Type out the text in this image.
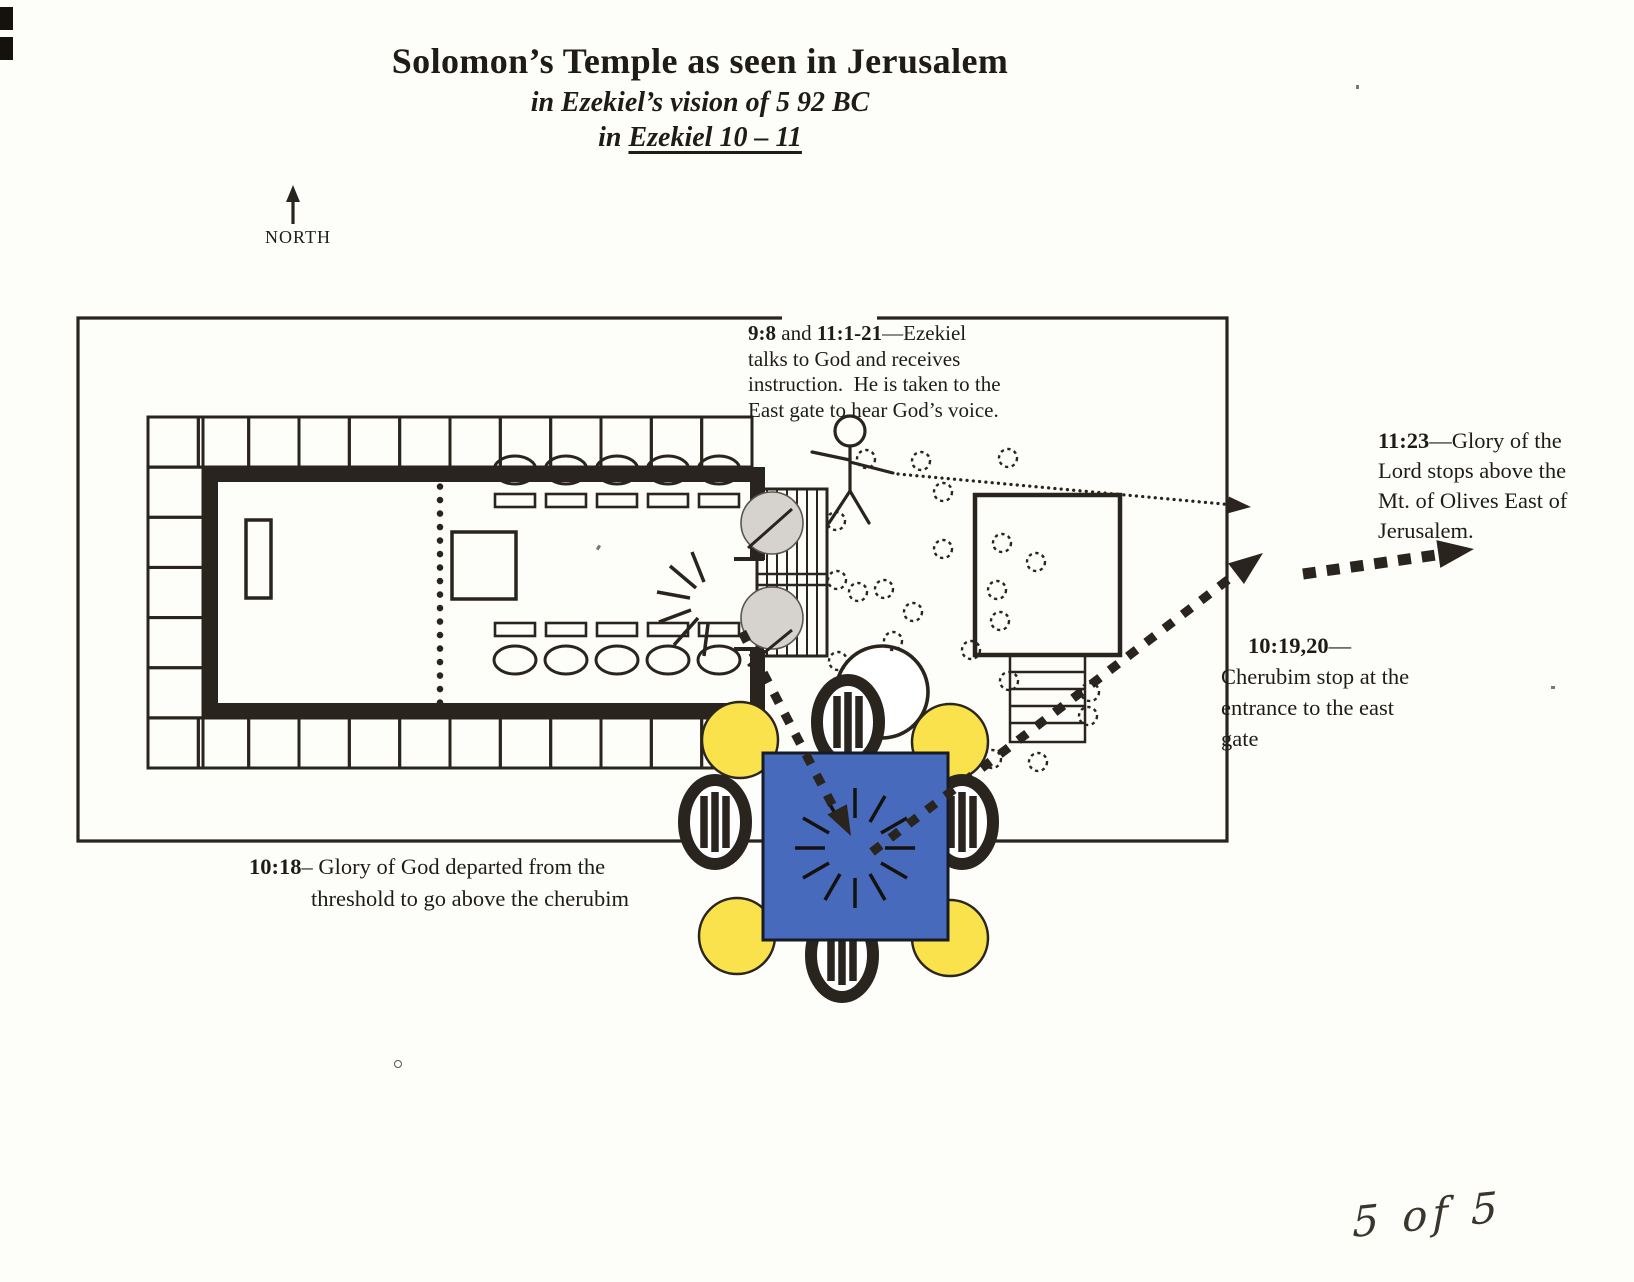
Solomon’s Temple as seen in Jerusalem
in Ezekiel’s vision of 5 92 BC
in Ezekiel 10 – 11
NORTH
9:8 and 11:1-21—Ezekiel
talks to God and receives
instruction.  He is taken to the
East gate to hear God’s voice.
11:23—Glory of the
Lord stops above the
Mt. of Olives East of
Jerusalem.
10:19,20—
Cherubim stop at the
entrance to the east
gate
10:18– Glory of God departed from the
threshold to go above the cherubim
5 of 5
